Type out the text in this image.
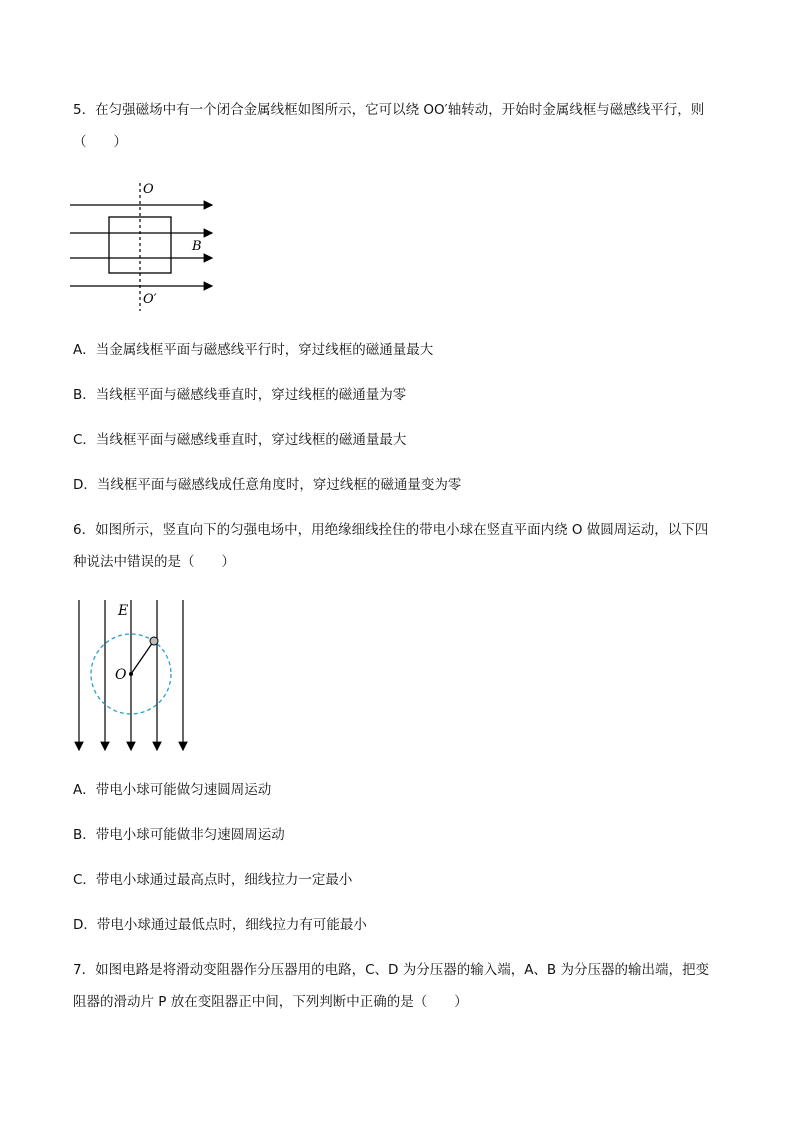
5．在匀强磁场中有一个闭合金属线框如图所示，它可以绕 OO′轴转动，开始时金属线框与磁感线平行，则
（　　）
O
O′
B
A．当金属线框平面与磁感线平行时，穿过线框的磁通量最大
B．当线框平面与磁感线垂直时，穿过线框的磁通量为零
C．当线框平面与磁感线垂直时，穿过线框的磁通量最大
D．当线框平面与磁感线成任意角度时，穿过线框的磁通量变为零
6．如图所示，竖直向下的匀强电场中，用绝缘细线拴住的带电小球在竖直平面内绕 O 做圆周运动，以下四
种说法中错误的是（　　）
E
O
A．带电小球可能做匀速圆周运动
B．带电小球可能做非匀速圆周运动
C．带电小球通过最高点时，细线拉力一定最小
D．带电小球通过最低点时，细线拉力有可能最小
7．如图电路是将滑动变阻器作分压器用的电路，C、D 为分压器的输入端，A、B 为分压器的输出端，把变
阻器的滑动片 P 放在变阻器正中间，下列判断中正确的是（　　）
